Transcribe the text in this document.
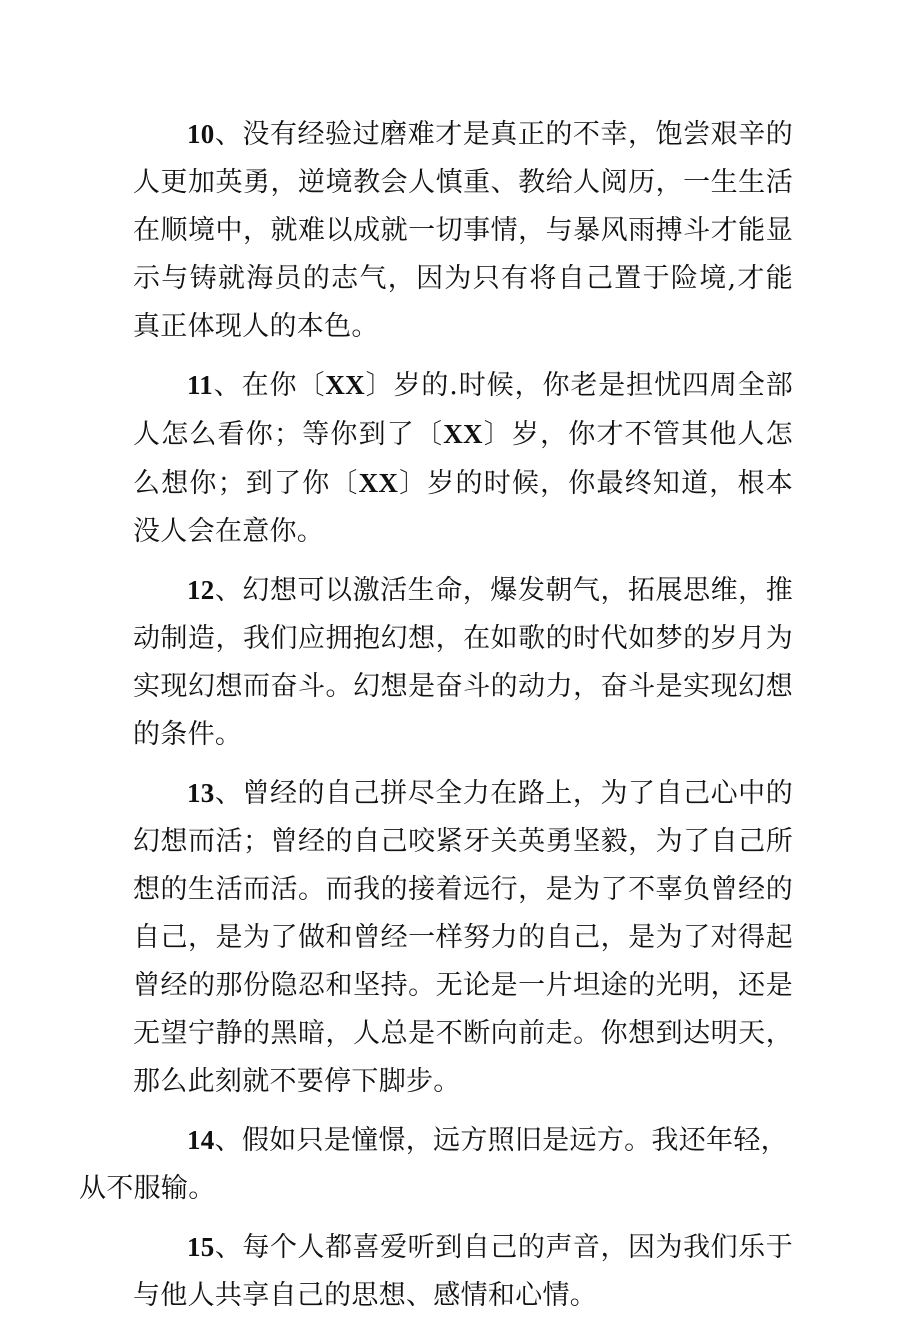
10、没有经验过磨难才是真正的不幸，饱尝艰辛的人更加英勇，逆境教会人慎重、教给人阅历，一生生活在顺境中，就难以成就一切事情，与暴风雨搏斗才能显示与铸就海员的志气，因为只有将自己置于险境,才能真正体现人的本色。

11、在你〔XX〕岁的.时候，你老是担忧四周全部人怎么看你；等你到了〔XX〕岁，你才不管其他人怎么想你；到了你〔XX〕岁的时候，你最终知道，根本没人会在意你。

12、幻想可以激活生命，爆发朝气，拓展思维，推动制造，我们应拥抱幻想，在如歌的时代如梦的岁月为实现幻想而奋斗。幻想是奋斗的动力，奋斗是实现幻想的条件。

13、曾经的自己拼尽全力在路上，为了自己心中的幻想而活；曾经的自己咬紧牙关英勇坚毅，为了自己所想的生活而活。而我的接着远行，是为了不辜负曾经的自己，是为了做和曾经一样努力的自己，是为了对得起曾经的那份隐忍和坚持。无论是一片坦途的光明，还是无望宁静的黑暗，人总是不断向前走。你想到达明天，那么此刻就不要停下脚步。

14、假如只是憧憬，远方照旧是远方。我还年轻，
从不服输。

15、每个人都喜爱听到自己的声音，因为我们乐于与他人共享自己的思想、感情和心情。
